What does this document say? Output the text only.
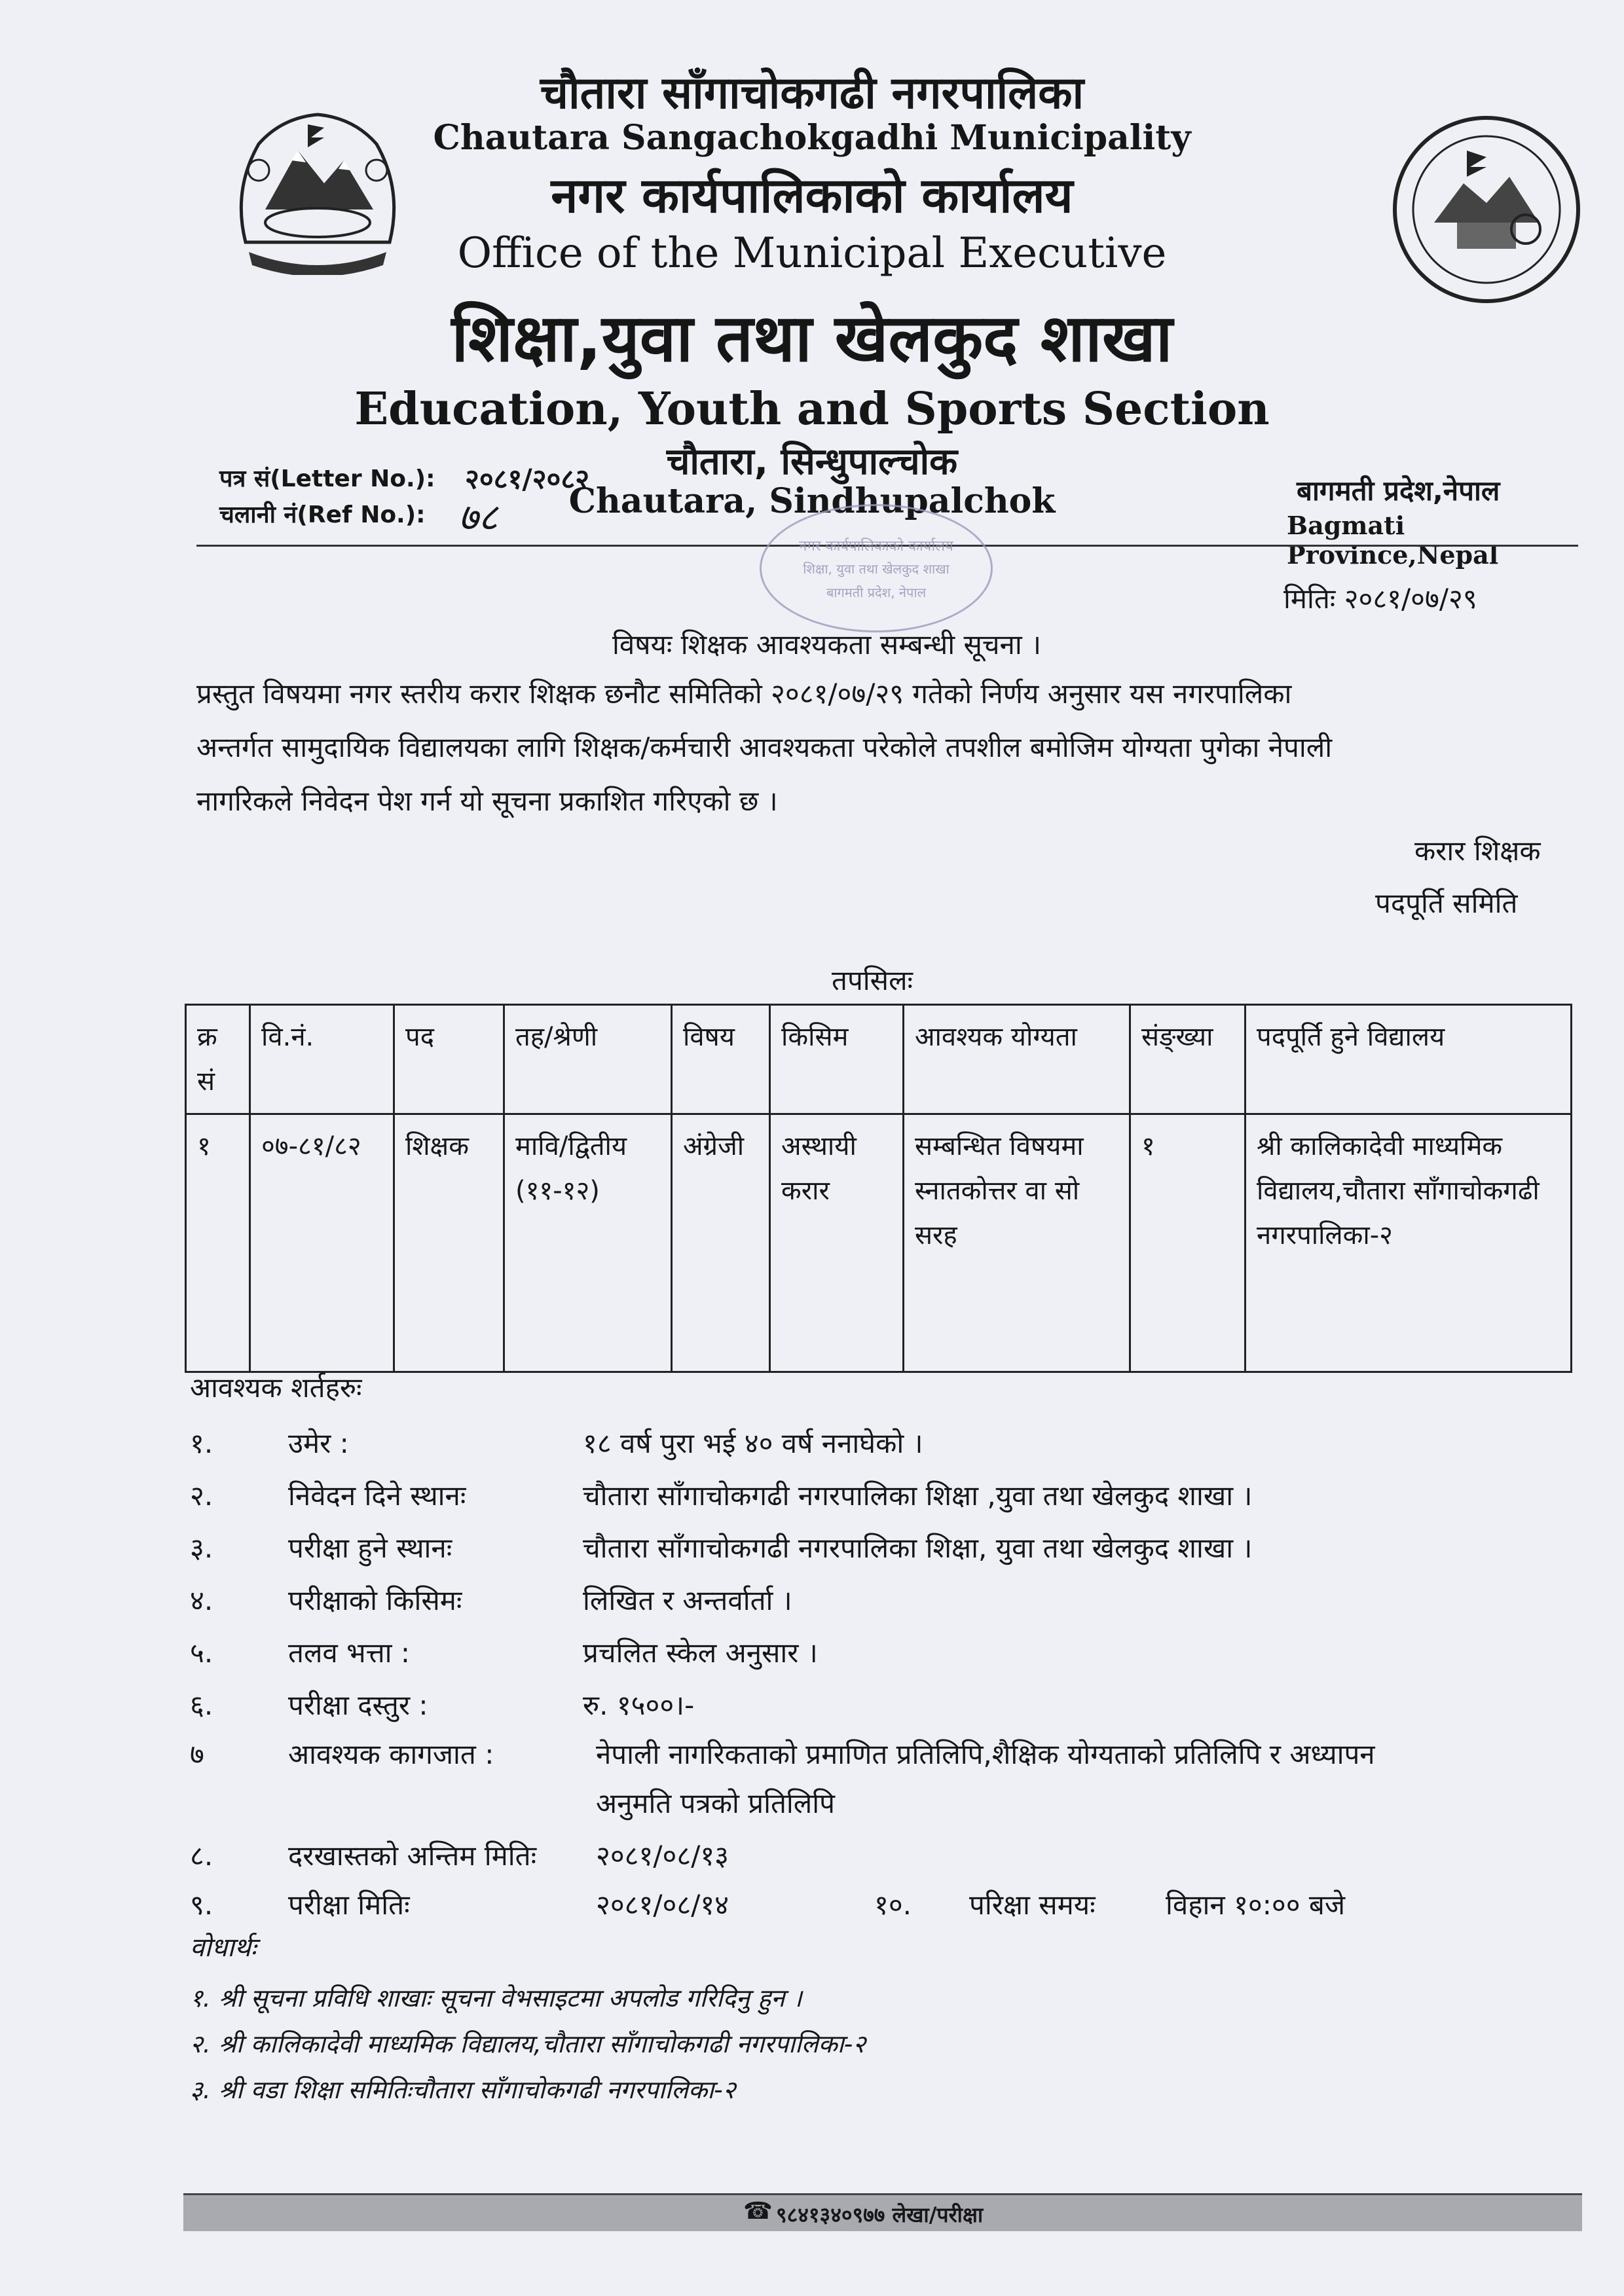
चौतारा साँगाचोकगढी नगरपालिका
Chautara Sangachokgadhi Municipality
नगर कार्यपालिकाको कार्यालय
Office of the Municipal Executive
शिक्षा,युवा तथा खेलकुद शाखा
Education, Youth and Sports Section
चौतारा, सिन्धुपाल्चोक
Chautara, Sindhupalchok
पत्र सं(Letter No.): २०८१/२०८२
चलानी नं(Ref No.): ७८
बागमती प्रदेश,नेपाल
Bagmati Province,Nepal
नगर कार्यपालिकाको कार्यालय
शिक्षा, युवा तथा खेलकुद शाखा
बागमती प्रदेश, नेपाल	मितिः २०८१/०७/२९
विषयः शिक्षक आवश्यकता सम्बन्धी सूचना ।
प्रस्तुत विषयमा नगर स्तरीय करार शिक्षक छनौट समितिको २०८१/०७/२९ गतेको निर्णय अनुसार यस नगरपालिका
अन्तर्गत सामुदायिक विद्यालयका लागि शिक्षक/कर्मचारी आवश्यकता परेकोले तपशील बमोजिम योग्यता पुगेका नेपाली
नागरिकले निवेदन पेश गर्न यो सूचना प्रकाशित गरिएको छ ।
करार शिक्षक
पदपूर्ति समिति
तपसिलः
क्र सं	वि.नं.	पद	तह/श्रेणी	विषय	किसिम	आवश्यक योग्यता	संङ्ख्या	पदपूर्ति हुने विद्यालय
१	०७-८१/८२	शिक्षक	मावि/द्वितीय (११-१२)	अंग्रेजी	अस्थायी करार	सम्बन्धित विषयमा स्नातकोत्तर वा सो सरह	१	श्री कालिकादेवी माध्यमिक विद्यालय,चौतारा साँगाचोकगढी नगरपालिका-२
आवश्यक शर्तहरुः
१.	उमेर :	१८ वर्ष पुरा भई ४० वर्ष ननाघेको ।
२.	निवेदन दिने स्थानः	चौतारा साँगाचोकगढी नगरपालिका शिक्षा ,युवा तथा खेलकुद शाखा ।
३.	परीक्षा हुने स्थानः	चौतारा साँगाचोकगढी नगरपालिका शिक्षा, युवा तथा खेलकुद शाखा ।
४.	परीक्षाको किसिमः	लिखित र अन्तर्वार्ता ।
५.	तलव भत्ता :	प्रचलित स्केल अनुसार ।
६.	परीक्षा दस्तुर :	रु. १५००।-
७	आवश्यक कागजात :	नेपाली नागरिकताको प्रमाणित प्रतिलिपि,शैक्षिक योग्यताको प्रतिलिपि र अध्यापन
अनुमति पत्रको प्रतिलिपि
८.	दरखास्तको अन्तिम मितिः २०८१/०८/१३
९.	परीक्षा मितिः	२०८१/०८/१४	१०. परिक्षा समयः	विहान १०:०० बजे
वोधार्थः
१. श्री सूचना प्रविधि शाखाः सूचना वेभसाइटमा अपलोड गरिदिनु हुन ।
२. श्री कालिकादेवी माध्यमिक विद्यालय,चौतारा साँगाचोकगढी नगरपालिका-२
३. श्री वडा शिक्षा समितिःचौतारा साँगाचोकगढी नगरपालिका-२
☎ ९८४१३४०९७७ लेखा/परीक्षा
